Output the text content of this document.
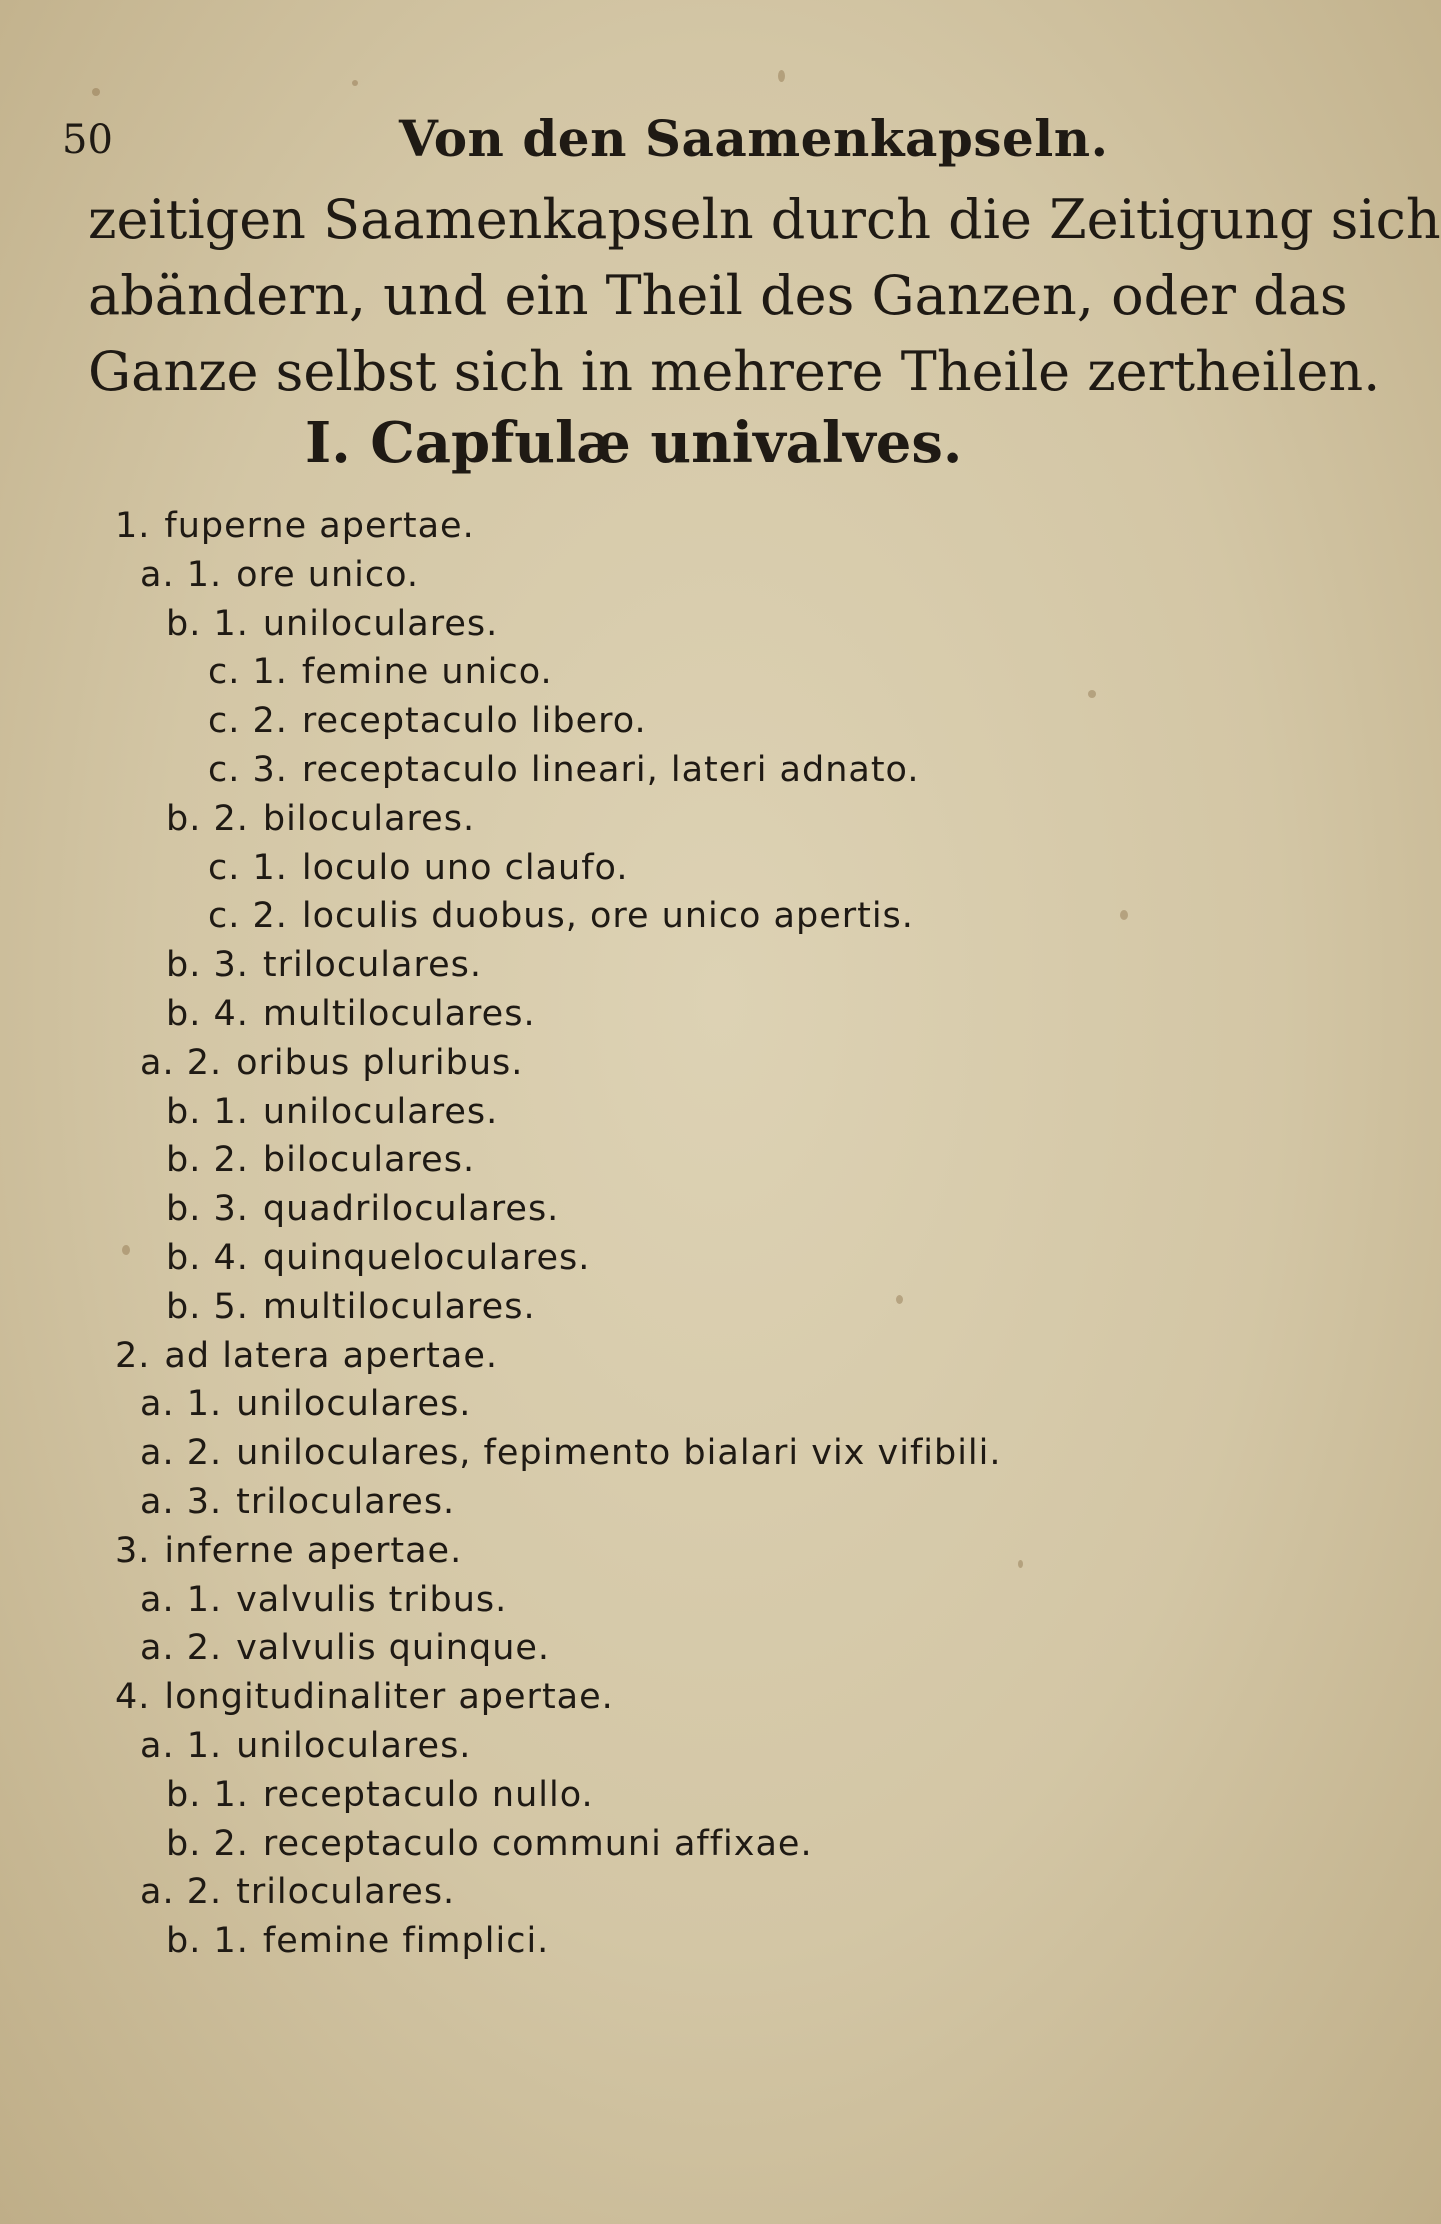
50	Von den Saamenkapseln.
zeitigen Saamenkapseln durch die Zeitigung sich
abändern, und ein Theil des Ganzen, oder das
Ganze selbst sich in mehrere Theile zertheilen.
I. Capfulæ univalves.
1. fuperne apertae.
a. 1. ore unico.
b. 1. uniloculares.
c. 1. femine unico.
c. 2. receptaculo libero.
c. 3. receptaculo lineari, lateri adnato.
b. 2. biloculares.
c. 1. loculo uno claufo.
c. 2. loculis duobus, ore unico apertis.
b. 3. triloculares.
b. 4. multiloculares.
a. 2. oribus pluribus.
b. 1. uniloculares.
b. 2. biloculares.
b. 3. quadriloculares.
b. 4. quinqueloculares.
b. 5. multiloculares.
2. ad latera apertae.
a. 1. uniloculares.
a. 2. uniloculares, fepimento bialari vix vifibili.
a. 3. triloculares.
3. inferne apertae.
a. 1. valvulis tribus.
a. 2. valvulis quinque.
4. longitudinaliter apertae.
a. 1. uniloculares.
b. 1. receptaculo nullo.
b. 2. receptaculo communi affixae.
a. 2. triloculares.
b. 1. femine fimplici.
